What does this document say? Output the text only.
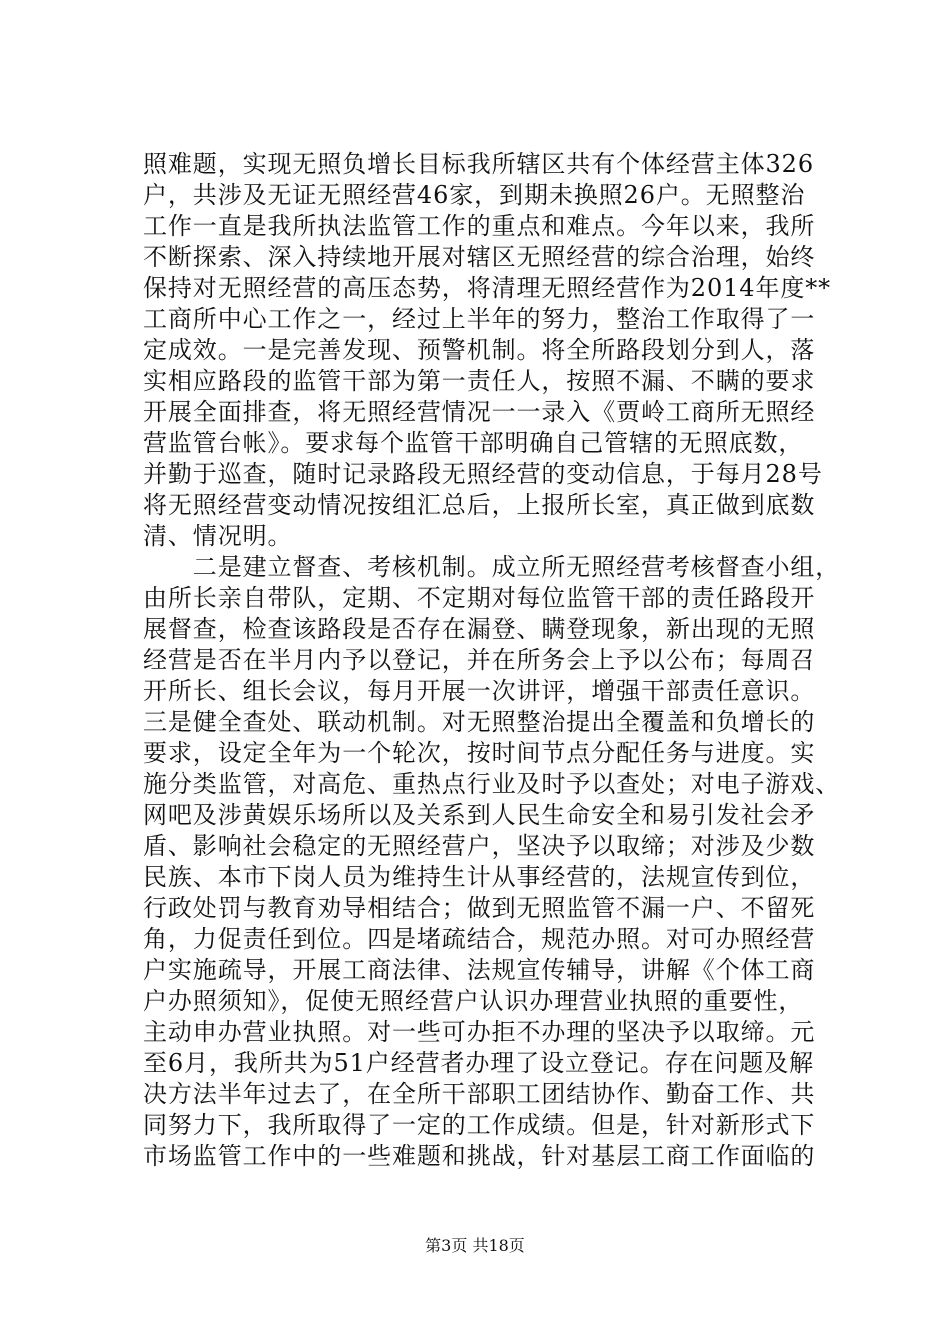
照难题，实现无照负增长目标我所辖区共有个体经营主体326
户，共涉及无证无照经营46家，到期未换照26户。无照整治
工作一直是我所执法监管工作的重点和难点。今年以来，我所
不断探索、深入持续地开展对辖区无照经营的综合治理，始终
保持对无照经营的高压态势，将清理无照经营作为2014年度**
工商所中心工作之一，经过上半年的努力，整治工作取得了一
定成效。一是完善发现、预警机制。将全所路段划分到人，落
实相应路段的监管干部为第一责任人，按照不漏、不瞒的要求
开展全面排查，将无照经营情况一一录入《贾岭工商所无照经
营监管台帐》。要求每个监管干部明确自己管辖的无照底数，
并勤于巡查，随时记录路段无照经营的变动信息，于每月28号
将无照经营变动情况按组汇总后，上报所长室，真正做到底数
清、情况明。
　　二是建立督查、考核机制。成立所无照经营考核督查小组，
由所长亲自带队，定期、不定期对每位监管干部的责任路段开
展督查，检查该路段是否存在漏登、瞒登现象，新出现的无照
经营是否在半月内予以登记，并在所务会上予以公布；每周召
开所长、组长会议，每月开展一次讲评，增强干部责任意识。
三是健全查处、联动机制。对无照整治提出全覆盖和负增长的
要求，设定全年为一个轮次，按时间节点分配任务与进度。实
施分类监管，对高危、重热点行业及时予以查处；对电子游戏、
网吧及涉黄娱乐场所以及关系到人民生命安全和易引发社会矛
盾、影响社会稳定的无照经营户，坚决予以取缔；对涉及少数
民族、本市下岗人员为维持生计从事经营的，法规宣传到位，
行政处罚与教育劝导相结合；做到无照监管不漏一户、不留死
角，力促责任到位。四是堵疏结合，规范办照。对可办照经营
户实施疏导，开展工商法律、法规宣传辅导，讲解《个体工商
户办照须知》，促使无照经营户认识办理营业执照的重要性，
主动申办营业执照。对一些可办拒不办理的坚决予以取缔。元
至6月，我所共为51户经营者办理了设立登记。存在问题及解
决方法半年过去了，在全所干部职工团结协作、勤奋工作、共
同努力下，我所取得了一定的工作成绩。但是，针对新形式下
市场监管工作中的一些难题和挑战，针对基层工商工作面临的
第3页 共18页
